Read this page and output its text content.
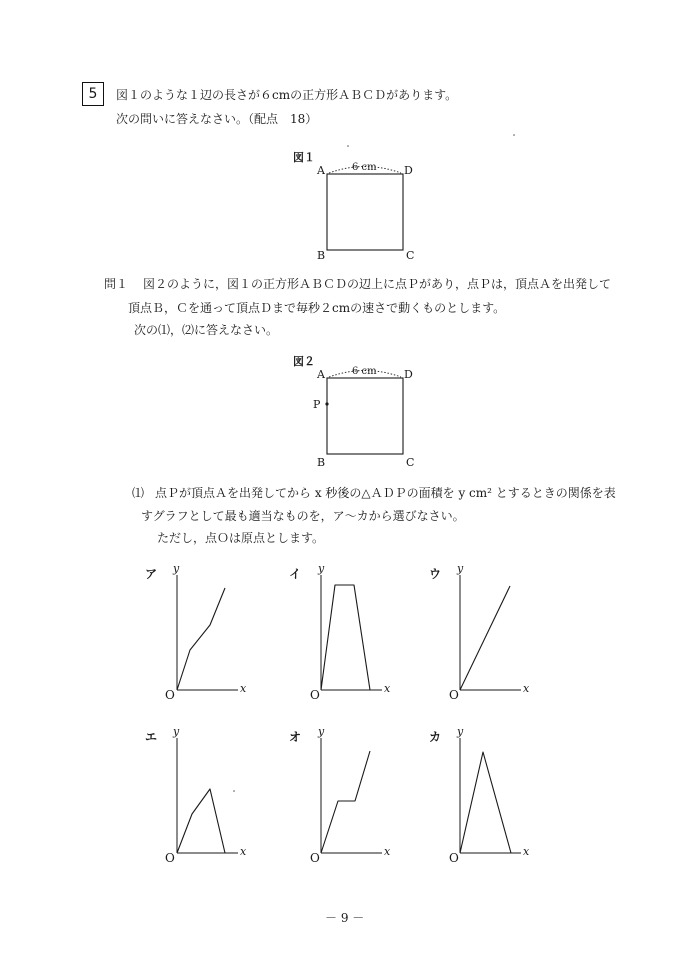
5	図１のような１辺の長さが６cmの正方形ＡＢＣＤがあります。
次の問いに答えなさい。（配点　18）
図１
A	D
B	C
6 cm
問１ 図２のように，図１の正方形ＡＢＣＤの辺上に点Ｐがあり，点Ｐは，頂点Ａを出発して
頂点Ｂ，Ｃを通って頂点Ｄまで毎秒２cmの速さで動くものとします。
次の⑴，⑵に答えなさい。
図２
A	D
P
B	C
6 cm
⑴ 点Ｐが頂点Ａを出発してから x 秒後の△ＡＤＰの面積を y cm² とするときの関係を表
すグラフとして最も適当なものを，ア～カから選びなさい。
ただし，点Ｏは原点とします。
ア	イ	ウ
エ	オ	カ
y
x
O
y
x
O
y
x
O
y
x
O
y
x
O
y
x
O
－ 9 －
